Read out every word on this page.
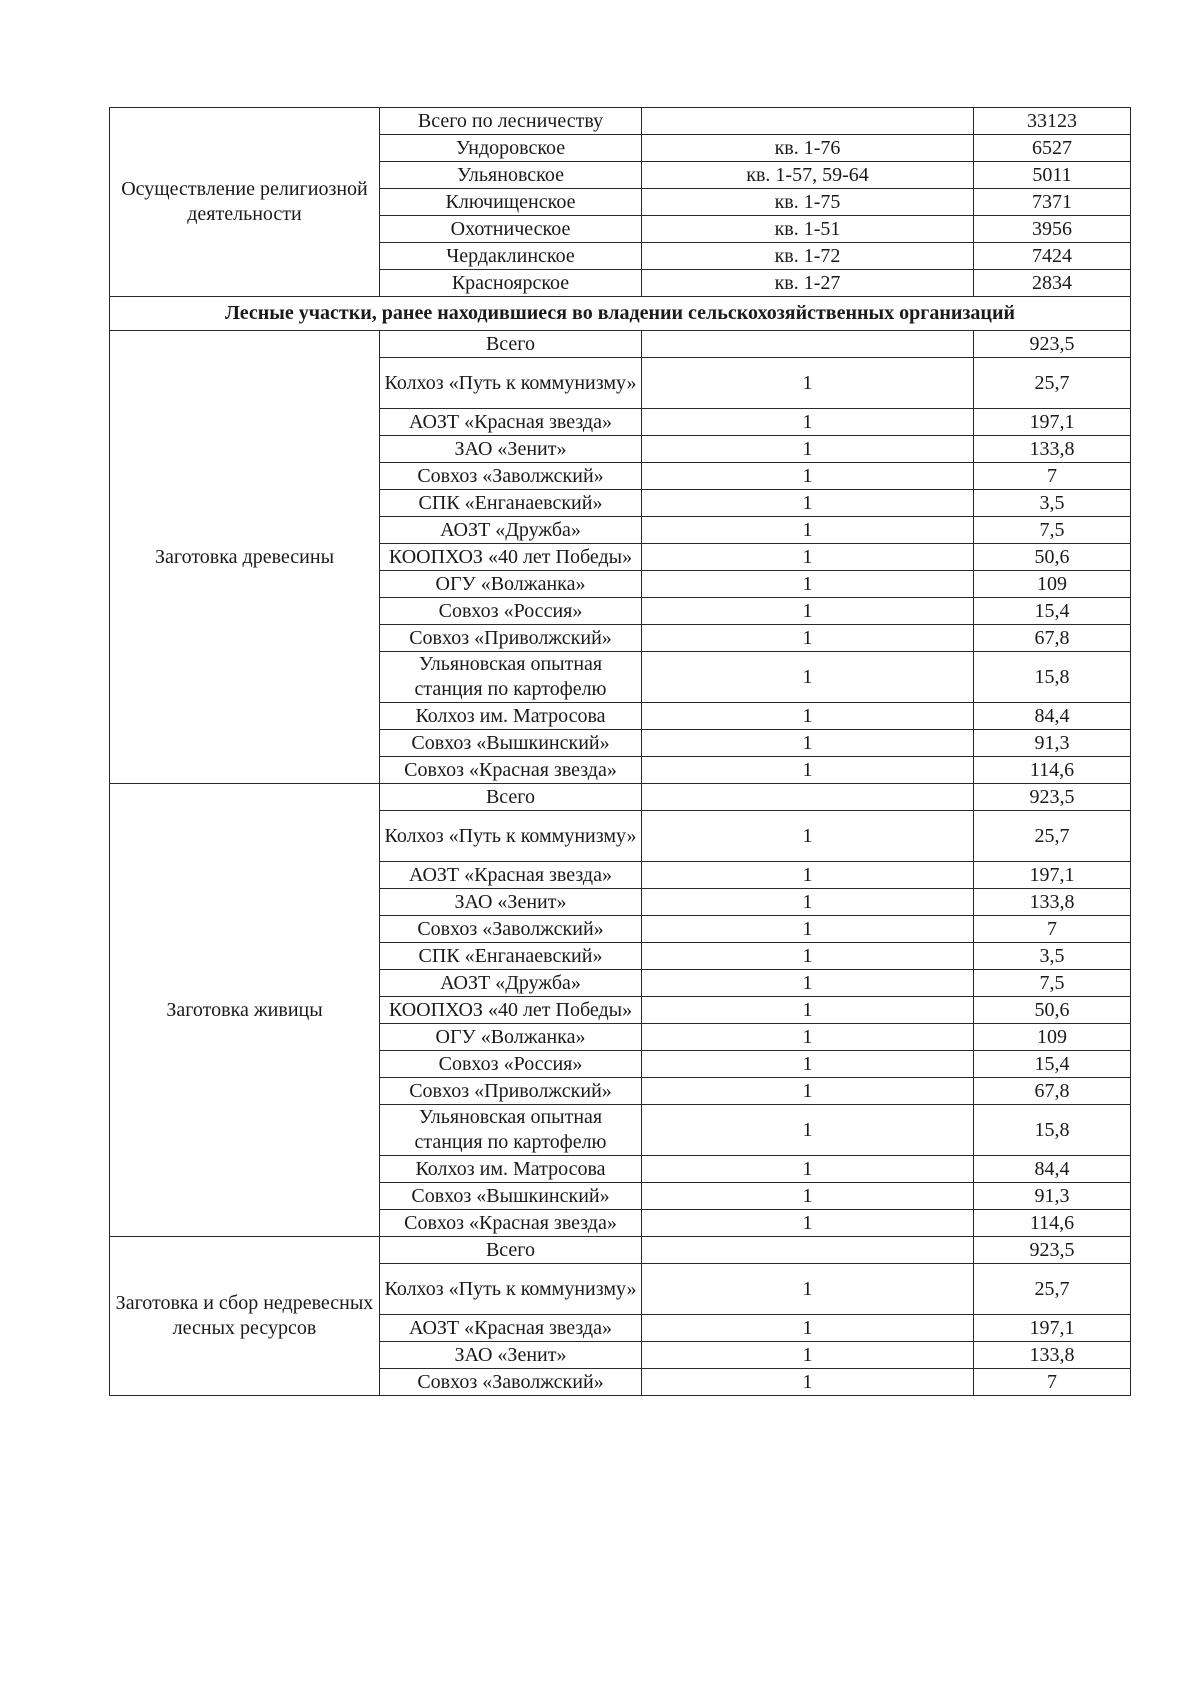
Осуществление религиозной деятельности	Всего по лесничеству		33123
	Ундоровское	кв. 1-76	6527
	Ульяновское	кв. 1-57, 59-64	5011
	Ключищенское	кв. 1-75	7371
	Охотническое	кв. 1-51	3956
	Чердаклинское	кв. 1-72	7424
	Красноярское	кв. 1-27	2834
Лесные участки, ранее находившиеся во владении сельскохозяйственных организаций			
Заготовка древесины	Всего		923,5
	Колхоз «Путь к коммунизму»	1	25,7
	АОЗТ «Красная звезда»	1	197,1
	ЗАО «Зенит»	1	133,8
	Совхоз «Заволжский»	1	7
	СПК «Енганаевский»	1	3,5
	АОЗТ «Дружба»	1	7,5
	КООПХОЗ «40 лет Победы»	1	50,6
	ОГУ «Волжанка»	1	109
	Совхоз «Россия»	1	15,4
	Совхоз «Приволжский»	1	67,8
	Ульяновская опытная станция по картофелю	1	15,8
	Колхоз им. Матросова	1	84,4
	Совхоз «Вышкинский»	1	91,3
	Совхоз «Красная звезда»	1	114,6
Заготовка живицы	Всего		923,5
	Колхоз «Путь к коммунизму»	1	25,7
	АОЗТ «Красная звезда»	1	197,1
	ЗАО «Зенит»	1	133,8
	Совхоз «Заволжский»	1	7
	СПК «Енганаевский»	1	3,5
	АОЗТ «Дружба»	1	7,5
	КООПХОЗ «40 лет Победы»	1	50,6
	ОГУ «Волжанка»	1	109
	Совхоз «Россия»	1	15,4
	Совхоз «Приволжский»	1	67,8
	Ульяновская опытная станция по картофелю	1	15,8
	Колхоз им. Матросова	1	84,4
	Совхоз «Вышкинский»	1	91,3
	Совхоз «Красная звезда»	1	114,6
Заготовка и сбор недревесных лесных ресурсов	Всего		923,5
	Колхоз «Путь к коммунизму»	1	25,7
	АОЗТ «Красная звезда»	1	197,1
	ЗАО «Зенит»	1	133,8
	Совхоз «Заволжский»	1	7
